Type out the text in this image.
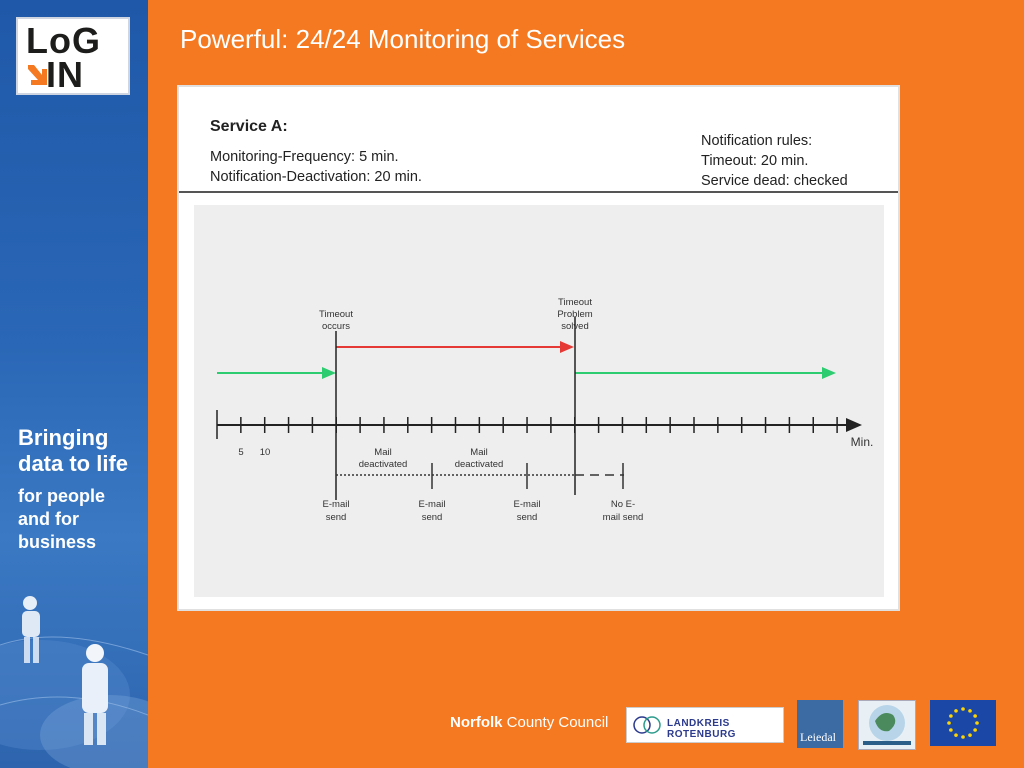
LoG
IN
Bringing
data to life
for people
and for
business
Powerful: 24/24 Monitoring of Services
Service A:
Monitoring-Frequency: 5 min.
Notification-Deactivation: 20 min.
Notification rules:
Timeout: 20 min.
Service dead: checked
Timeout
occurs
Timeout
Problem
solved
5 10
Min.
Mail
deactivated
Mail
deactivated
E-mail
send
E-mail
send
E-mail
send
No E-
mail send
Norfolk County Council	LANDKREIS ROTENBURG	Leiedal
